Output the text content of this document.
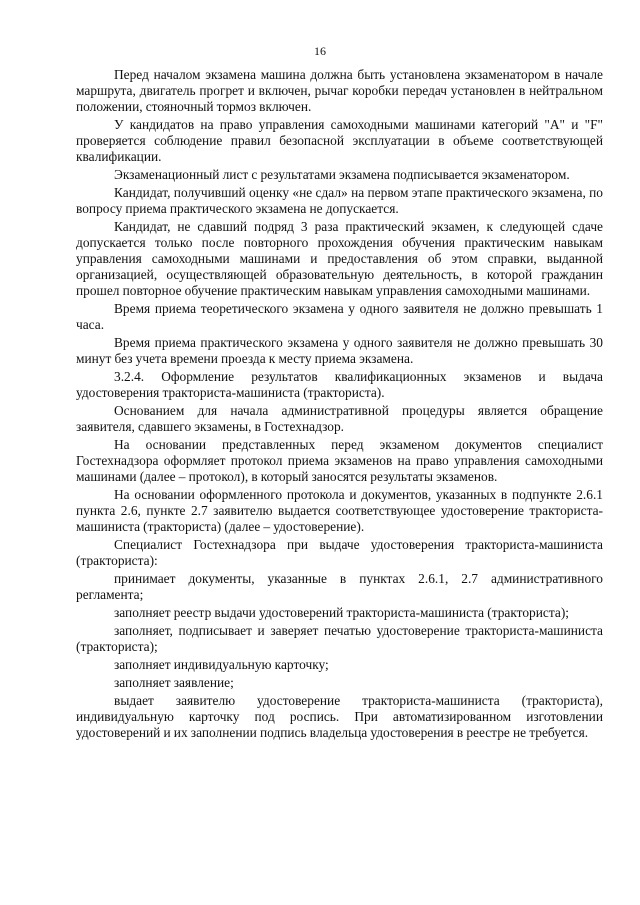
16

Перед началом экзамена машина должна быть установлена экзаменатором в начале маршрута, двигатель прогрет и включен, рычаг коробки передач установлен в нейтральном положении, стояночный тормоз включен.

У кандидатов на право управления самоходными машинами категорий "А" и "F" проверяется соблюдение правил безопасной эксплуатации в объеме соответствующей квалификации.

Экзаменационный лист с результатами экзамена подписывается экзаменатором.

Кандидат, получивший оценку «не сдал» на первом этапе практического экзамена, по вопросу приема практического экзамена не допускается.

Кандидат, не сдавший подряд 3 раза практический экзамен, к следующей сдаче допускается только после повторного прохождения обучения практическим навыкам управления самоходными машинами и предоставления об этом справки, выданной организацией, осуществляющей образовательную деятельность, в которой гражданин прошел повторное обучение практическим навыкам управления самоходными машинами.

Время приема теоретического экзамена у одного заявителя не должно превышать 1 часа.

Время приема практического экзамена у одного заявителя не должно превышать 30 минут без учета времени проезда к месту приема экзамена.

3.2.4. Оформление результатов квалификационных экзаменов и выдача удостоверения тракториста-машиниста (тракториста).

Основанием для начала административной процедуры является обращение заявителя, сдавшего экзамены, в Гостехнадзор.

На основании представленных перед экзаменом документов специалист Гостехнадзора оформляет протокол приема экзаменов на право управления самоходными машинами (далее – протокол), в который заносятся результаты экзаменов.

На основании оформленного протокола и документов, указанных в подпункте 2.6.1 пункта 2.6, пункте 2.7 заявителю выдается соответствующее удостоверение тракториста-машиниста (тракториста) (далее – удостоверение).

Специалист Гостехнадзора при выдаче удостоверения тракториста-машиниста (тракториста):

принимает документы, указанные в пунктах 2.6.1, 2.7 административного регламента;

заполняет реестр выдачи удостоверений тракториста-машиниста (тракториста);

заполняет, подписывает и заверяет печатью удостоверение тракториста-машиниста (тракториста);

заполняет индивидуальную карточку;

заполняет заявление;

выдает заявителю удостоверение тракториста-машиниста (тракториста), индивидуальную карточку под роспись. При автоматизированном изготовлении удостоверений и их заполнении подпись владельца удостоверения в реестре не требуется.
